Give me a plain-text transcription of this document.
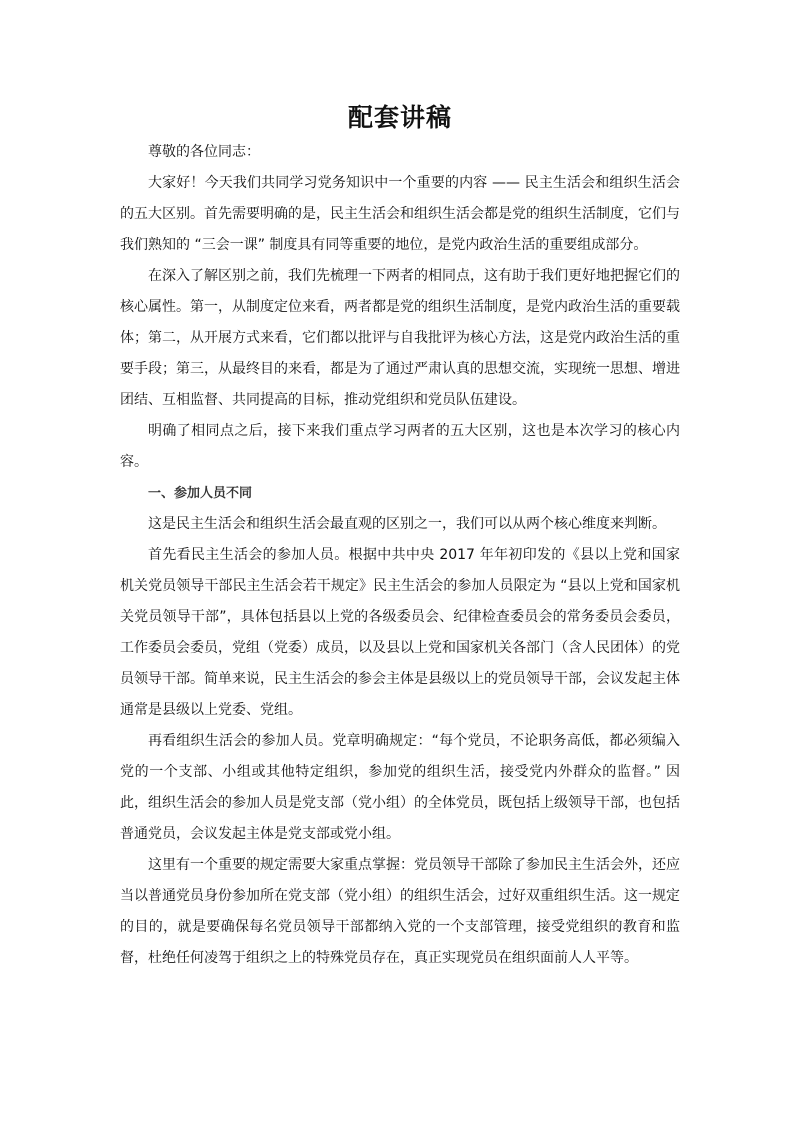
配套讲稿

尊敬的各位同志：

大家好！今天我们共同学习党务知识中一个重要的内容 —— 民主生活会和组织生活会的五大区别。首先需要明确的是，民主生活会和组织生活会都是党的组织生活制度，它们与我们熟知的 “三会一课” 制度具有同等重要的地位，是党内政治生活的重要组成部分。

在深入了解区别之前，我们先梳理一下两者的相同点，这有助于我们更好地把握它们的核心属性。第一，从制度定位来看，两者都是党的组织生活制度，是党内政治生活的重要载体；第二，从开展方式来看，它们都以批评与自我批评为核心方法，这是党内政治生活的重要手段；第三，从最终目的来看，都是为了通过严肃认真的思想交流，实现统一思想、增进团结、互相监督、共同提高的目标，推动党组织和党员队伍建设。

明确了相同点之后，接下来我们重点学习两者的五大区别，这也是本次学习的核心内容。

一、参加人员不同

这是民主生活会和组织生活会最直观的区别之一，我们可以从两个核心维度来判断。

首先看民主生活会的参加人员。根据中共中央 2017 年年初印发的《县以上党和国家机关党员领导干部民主生活会若干规定》民主生活会的参加人员限定为 “县以上党和国家机关党员领导干部”，具体包括县以上党的各级委员会、纪律检查委员会的常务委员会委员，工作委员会委员，党组（党委）成员，以及县以上党和国家机关各部门（含人民团体）的党员领导干部。简单来说，民主生活会的参会主体是县级以上的党员领导干部，会议发起主体通常是县级以上党委、党组。

再看组织生活会的参加人员。党章明确规定：“每个党员，不论职务高低，都必须编入党的一个支部、小组或其他特定组织，参加党的组织生活，接受党内外群众的监督。” 因此，组织生活会的参加人员是党支部（党小组）的全体党员，既包括上级领导干部，也包括普通党员，会议发起主体是党支部或党小组。

这里有一个重要的规定需要大家重点掌握：党员领导干部除了参加民主生活会外，还应当以普通党员身份参加所在党支部（党小组）的组织生活会，过好双重组织生活。这一规定的目的，就是要确保每名党员领导干部都纳入党的一个支部管理，接受党组织的教育和监督，杜绝任何凌驾于组织之上的特殊党员存在，真正实现党员在组织面前人人平等。
